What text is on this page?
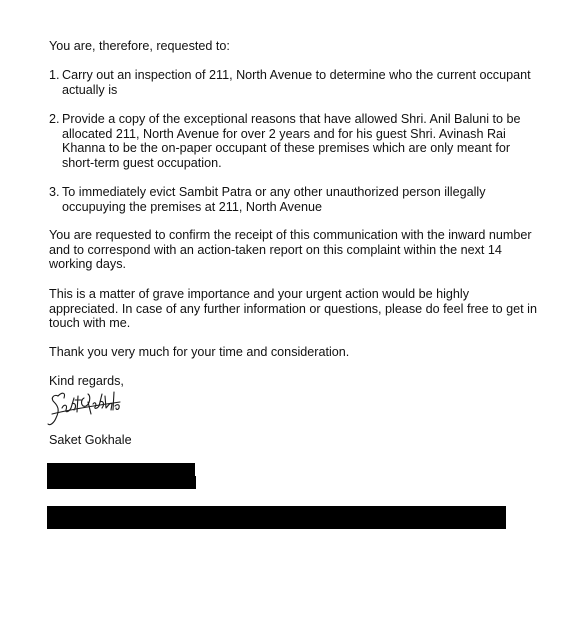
You are, therefore, requested to:

1. Carry out an inspection of 211, North Avenue to determine who the current occupant actually is
2. Provide a copy of the exceptional reasons that have allowed Shri. Anil Baluni to be allocated 211, North Avenue for over 2 years and for his guest Shri. Avinash Rai Khanna to be the on-paper occupant of these premises which are only meant for short-term guest occupation.
3. To immediately evict Sambit Patra or any other unauthorized person illegally occupuying the premises at 211, North Avenue

You are requested to confirm the receipt of this communication with the inward number and to correspond with an action-taken report on this complaint within the next 14 working days.

This is a matter of grave importance and your urgent action would be highly appreciated. In case of any further information or questions, please do feel free to get in touch with me.

Thank you very much for your time and consideration.

Kind regards,

Saket Gokhale
